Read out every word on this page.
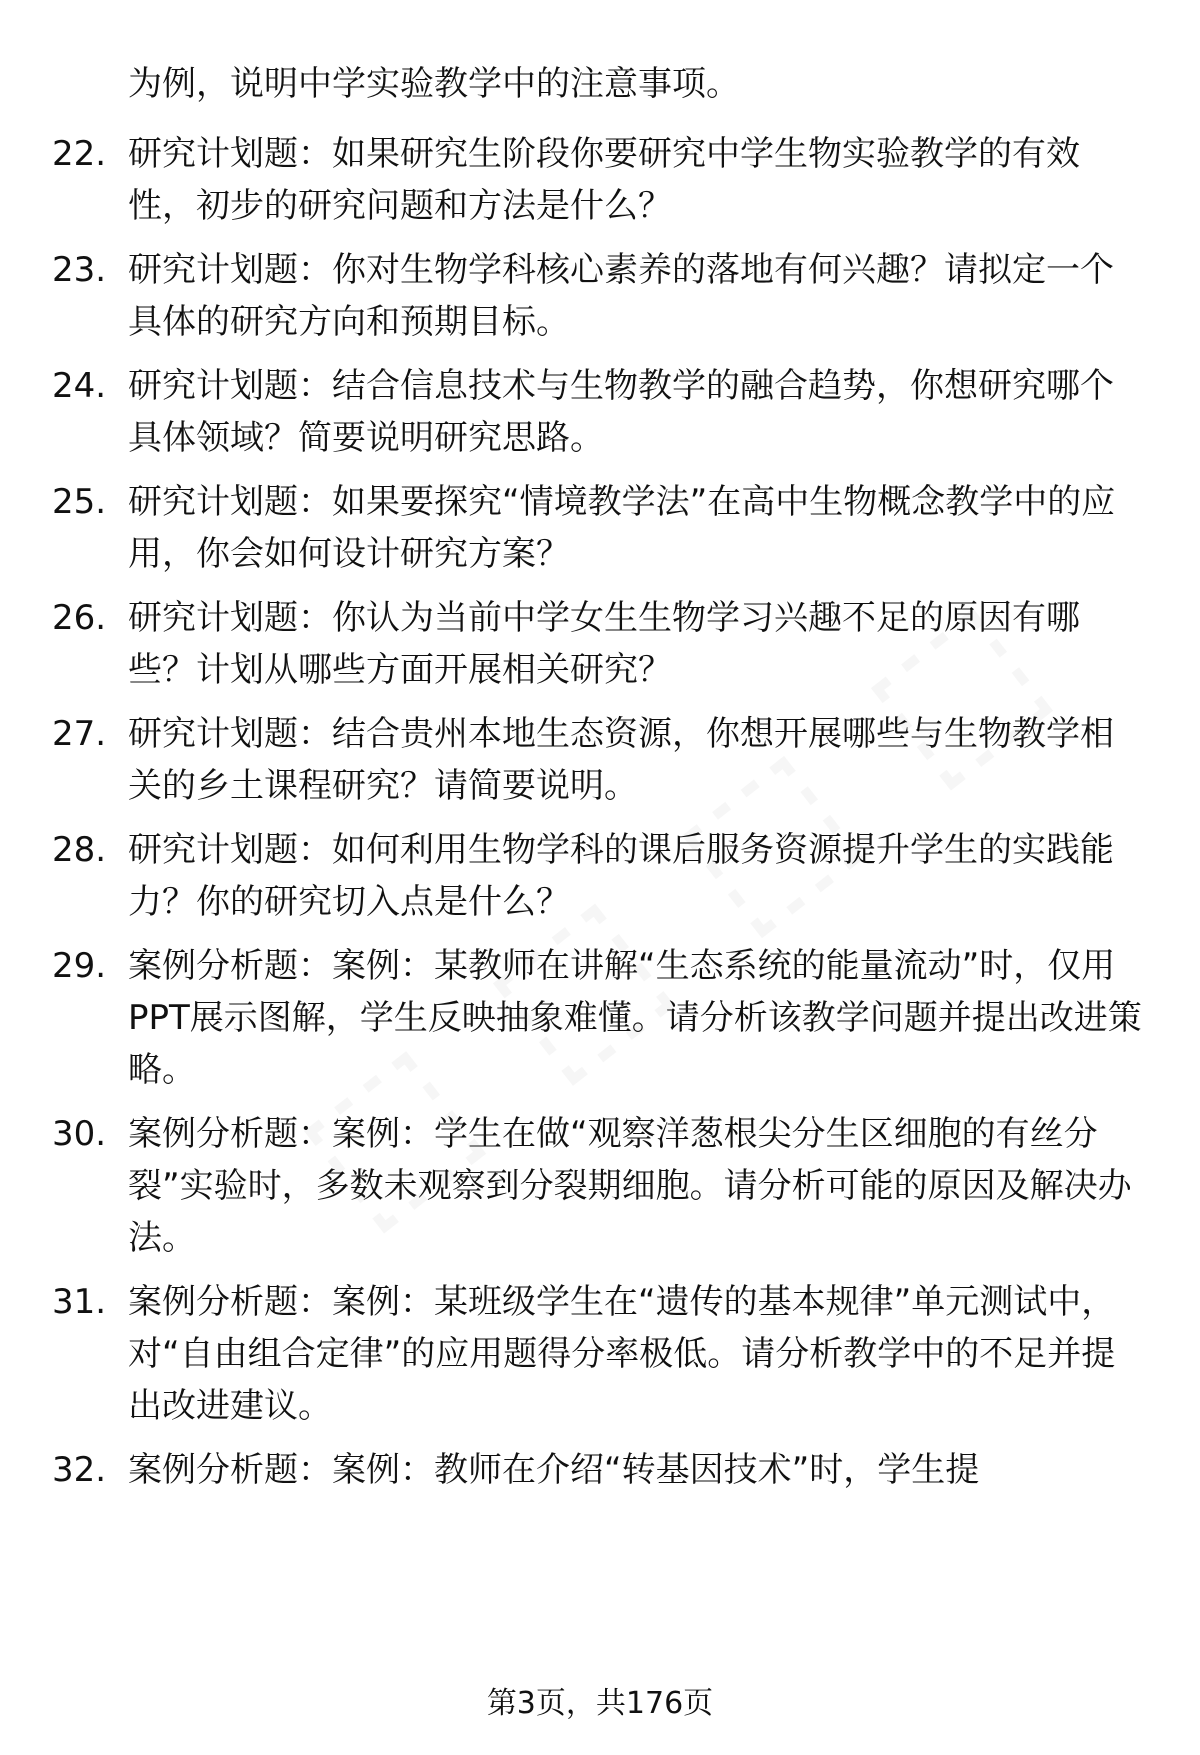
为例，说明中学实验教学中的注意事项。
22. 研究计划题：如果研究生阶段你要研究中学生物实验教学的有效性，初步的研究问题和方法是什么？
23. 研究计划题：你对生物学科核心素养的落地有何兴趣？请拟定一个具体的研究方向和预期目标。
24. 研究计划题：结合信息技术与生物教学的融合趋势，你想研究哪个具体领域？简要说明研究思路。
25. 研究计划题：如果要探究“情境教学法”在高中生物概念教学中的应用，你会如何设计研究方案？
26. 研究计划题：你认为当前中学女生生物学习兴趣不足的原因有哪些？计划从哪些方面开展相关研究？
27. 研究计划题：结合贵州本地生态资源，你想开展哪些与生物教学相关的乡土课程研究？请简要说明。
28. 研究计划题：如何利用生物学科的课后服务资源提升学生的实践能力？你的研究切入点是什么？
29. 案例分析题：案例：某教师在讲解“生态系统的能量流动”时，仅用PPT展示图解，学生反映抽象难懂。请分析该教学问题并提出改进策略。
30. 案例分析题：案例：学生在做“观察洋葱根尖分生区细胞的有丝分裂”实验时，多数未观察到分裂期细胞。请分析可能的原因及解决办法。
31. 案例分析题：案例：某班级学生在“遗传的基本规律”单元测试中，对“自由组合定律”的应用题得分率极低。请分析教学中的不足并提出改进建议。
32. 案例分析题：案例：教师在介绍“转基因技术”时，学生提
第3页，共176页
